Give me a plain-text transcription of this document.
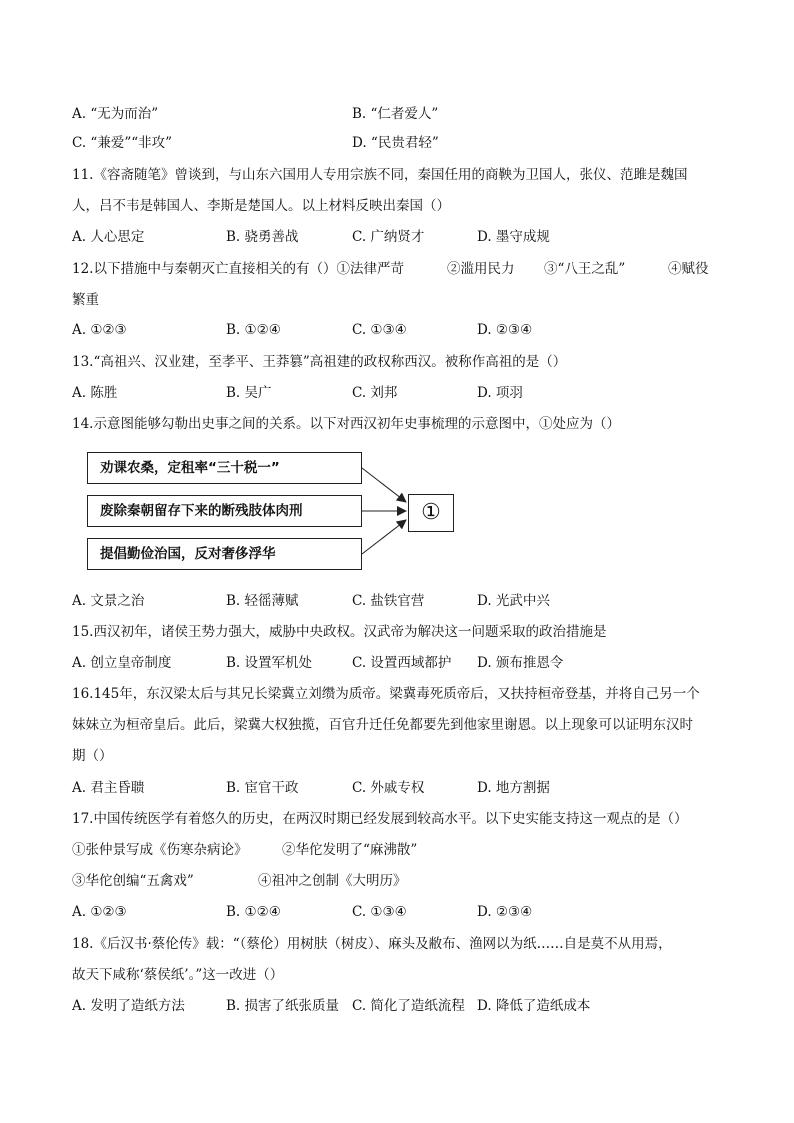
A. “无为而治”	B. “仁者爱人”
C. “兼爱”“非攻”	D. “民贵君轻”
11.《容斋随笔》曾谈到，与山东六国用人专用宗族不同，秦国任用的商鞅为卫国人，张仪、范雎是魏国
人，吕不韦是韩国人、李斯是楚国人。以上材料反映出秦国（）
A. 人心思定	B. 骁勇善战	C. 广纳贤才	D. 墨守成规
12.以下措施中与秦朝灭亡直接相关的有（）①法律严苛	②滥用民力 ③“八王之乱”	④赋役
繁重
A. ①②③	B. ①②④	C. ①③④	D. ②③④
13.“高祖兴、汉业建，至孝平、王莽篡”高祖建的政权称西汉。被称作高祖的是（）
A. 陈胜	B. 吴广	C. 刘邦	D. 项羽
14.示意图能够勾勒出史事之间的关系。以下对西汉初年史事梳理的示意图中，①处应为（）
劝课农桑，定租率“三十税一”
废除秦朝留存下来的断残肢体肉刑
提倡勤俭治国，反对奢侈浮华
①
A. 文景之治	B. 轻徭薄赋	C. 盐铁官营	D. 光武中兴
15.西汉初年，诸侯王势力强大，威胁中央政权。汉武帝为解决这一问题采取的政治措施是
A. 创立皇帝制度	B. 设置军机处	C. 设置西域都护 D. 颁布推恩令
16.145年，东汉梁太后与其兄长梁冀立刘缵为质帝。梁冀毒死质帝后，又扶持桓帝登基，并将自己另一个
妹妹立为桓帝皇后。此后，梁冀大权独揽，百官升迁任免都要先到他家里谢恩。以上现象可以证明东汉时
期（）
A. 君主昏聩	B. 宦官干政	C. 外戚专权	D. 地方割据
17.中国传统医学有着悠久的历史，在两汉时期已经发展到较高水平。以下史实能支持这一观点的是（）
①张仲景写成《伤寒杂病论》	②华佗发明了“麻沸散”
③华佗创编“五禽戏”	④祖冲之创制《大明历》
A. ①②③	B. ①②④	C. ①③④	D. ②③④
18.《后汉书·蔡伦传》载：“（蔡伦）用树肤（树皮）、麻头及敝布、渔网以为纸……自是莫不从用焉，
故天下咸称‘蔡侯纸’。”这一改进（）
A. 发明了造纸方法	B. 损害了纸张质量 C. 简化了造纸流程 D. 降低了造纸成本
